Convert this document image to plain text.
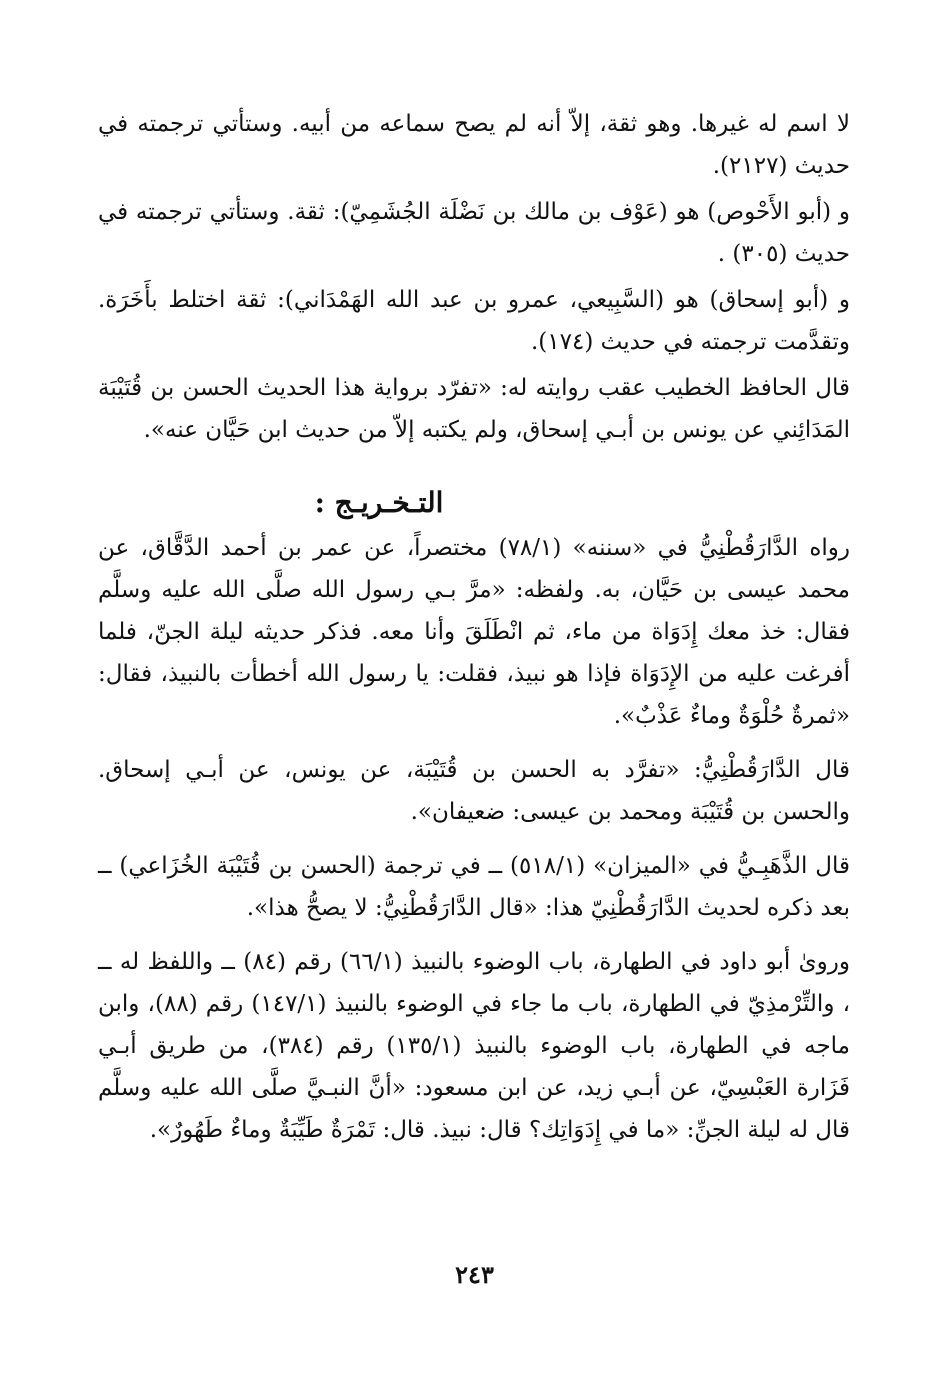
لا اسم له غيرها. وهو ثقة، إلاّ أنه لم يصح سماعه من أبيه. وستأتي ترجمته في حديث (٢١٢٧).

و (أبو الأَحْوص) هو (عَوْف بن مالك بن نَضْلَة الجُشَمِيّ): ثقة. وستأتي ترجمته في حديث (٣٠٥) .

و (أبو إسحاق) هو (السَّبِيعي، عمرو بن عبد الله الهَمْدَاني): ثقة اختلط بأَخَرَة. وتقدَّمت ترجمته في حديث (١٧٤).

قال الحافظ الخطيب عقب روايته له: «تفرّد برواية هذا الحديث الحسن بن قُتَيْبَة المَدَائِني عن يونس بن أبـي إسحاق، ولم يكتبه إلاّ من حديث ابن حَيَّان عنه».

التـخـريـج :

رواه الدَّارَقُطْنِيُّ في «سننه» (٧٨/١) مختصراً، عن عمر بن أحمد الدَّقَّاق، عن محمد عيسى بن حَيَّان، به. ولفظه: «مرَّ بـي رسول الله صلَّى الله عليه وسلَّم فقال: خذ معك إِدَوَاة من ماء، ثم انْطَلَقَ وأنا معه. فذكر حديثه ليلة الجنّ، فلما أفرغت عليه من الإِدَوَاة فإذا هو نبيذ، فقلت: يا رسول الله أخطأت بالنبيذ، فقال: «ثمرةٌ حُلْوَةٌ وماءٌ عَذْبٌ».

قال الدَّارَقُطْنِيُّ: «تفرَّد به الحسن بن قُتَيْبَة، عن يونس، عن أبـي إسحاق. والحسن بن قُتَيْبَة ومحمد بن عيسى: ضعيفان».

قال الذَّهَبِـيُّ في «الميزان» (٥١٨/١) ــ في ترجمة (الحسن بن قُتَيْبَة الخُزَاعي) ــ بعد ذكره لحديث الدَّارَقُطْنِيّ هذا: «قال الدَّارَقُطْنِيُّ: لا يصحُّ هذا».

وروىٰ أبو داود في الطهارة، باب الوضوء بالنبيذ (٦٦/١) رقم (٨٤) ــ واللفظ له ــ ، والتِّرْمذِيّ في الطهارة، باب ما جاء في الوضوء بالنبيذ (١٤٧/١) رقم (٨٨)، وابن ماجه في الطهارة، باب الوضوء بالنبيذ (١٣٥/١) رقم (٣٨٤)، من طريق أبـي فَزَارة العَبْسِيّ، عن أبـي زيد، عن ابن مسعود: «أنَّ النبـيَّ صلَّى الله عليه وسلَّم قال له ليلة الجنِّ: «ما في إِدَوَاتِك؟ قال: نبيذ. قال: تَمْرَةٌ طَيِّبَةٌ وماءٌ طَهُورٌ».

٢٤٣
